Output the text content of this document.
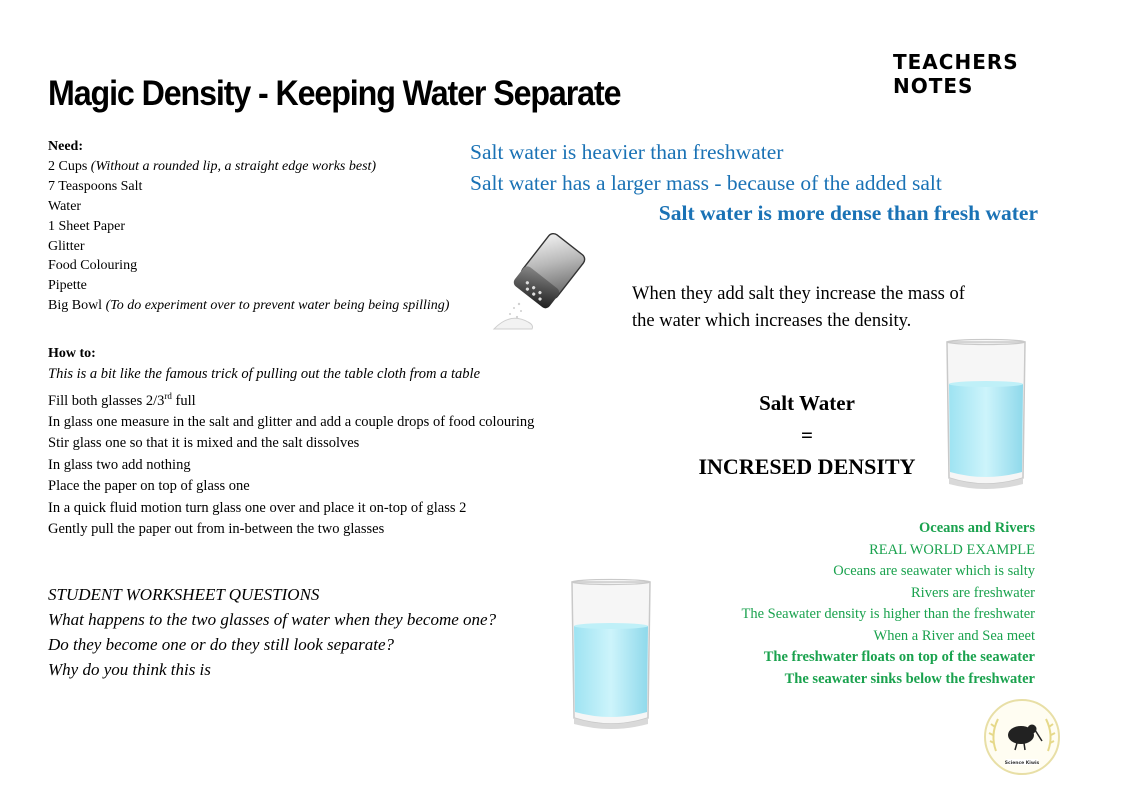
TEACHERS NOTES
Magic Density - Keeping Water Separate
Need:
2 Cups (Without a rounded lip, a straight edge works best)
7 Teaspoons Salt
Water
1 Sheet Paper
Glitter
Food Colouring
Pipette
Big Bowl (To do experiment over to prevent water being being spilling)
How to:
This is a bit like the famous trick of pulling out the table cloth from a table
Fill both glasses 2/3rd full
In glass one measure in the salt and glitter and add a couple drops of food colouring
Stir glass one so that it is mixed and the salt dissolves
In glass two add nothing
Place the paper on top of glass one
In a quick fluid motion turn glass one over and place it on-top of glass 2
Gently pull the paper out from in-between the two glasses
STUDENT WORKSHEET QUESTIONS
What happens to the two glasses of water when they become one?
Do they become one or do they still look separate?
Why do you think this is
Salt water is heavier than freshwater
Salt water has a larger mass - because of the added salt
Salt water is more dense than fresh water
When they add salt they increase the mass of the water which increases the density.
Salt Water
=
INCRESED DENSITY
Oceans and Rivers
REAL WORLD EXAMPLE
Oceans are seawater which is salty
Rivers are freshwater
The Seawater density is higher than the freshwater
When a River and Sea meet
The freshwater floats on top of the seawater
The seawater sinks below the freshwater
Science Kiwis
